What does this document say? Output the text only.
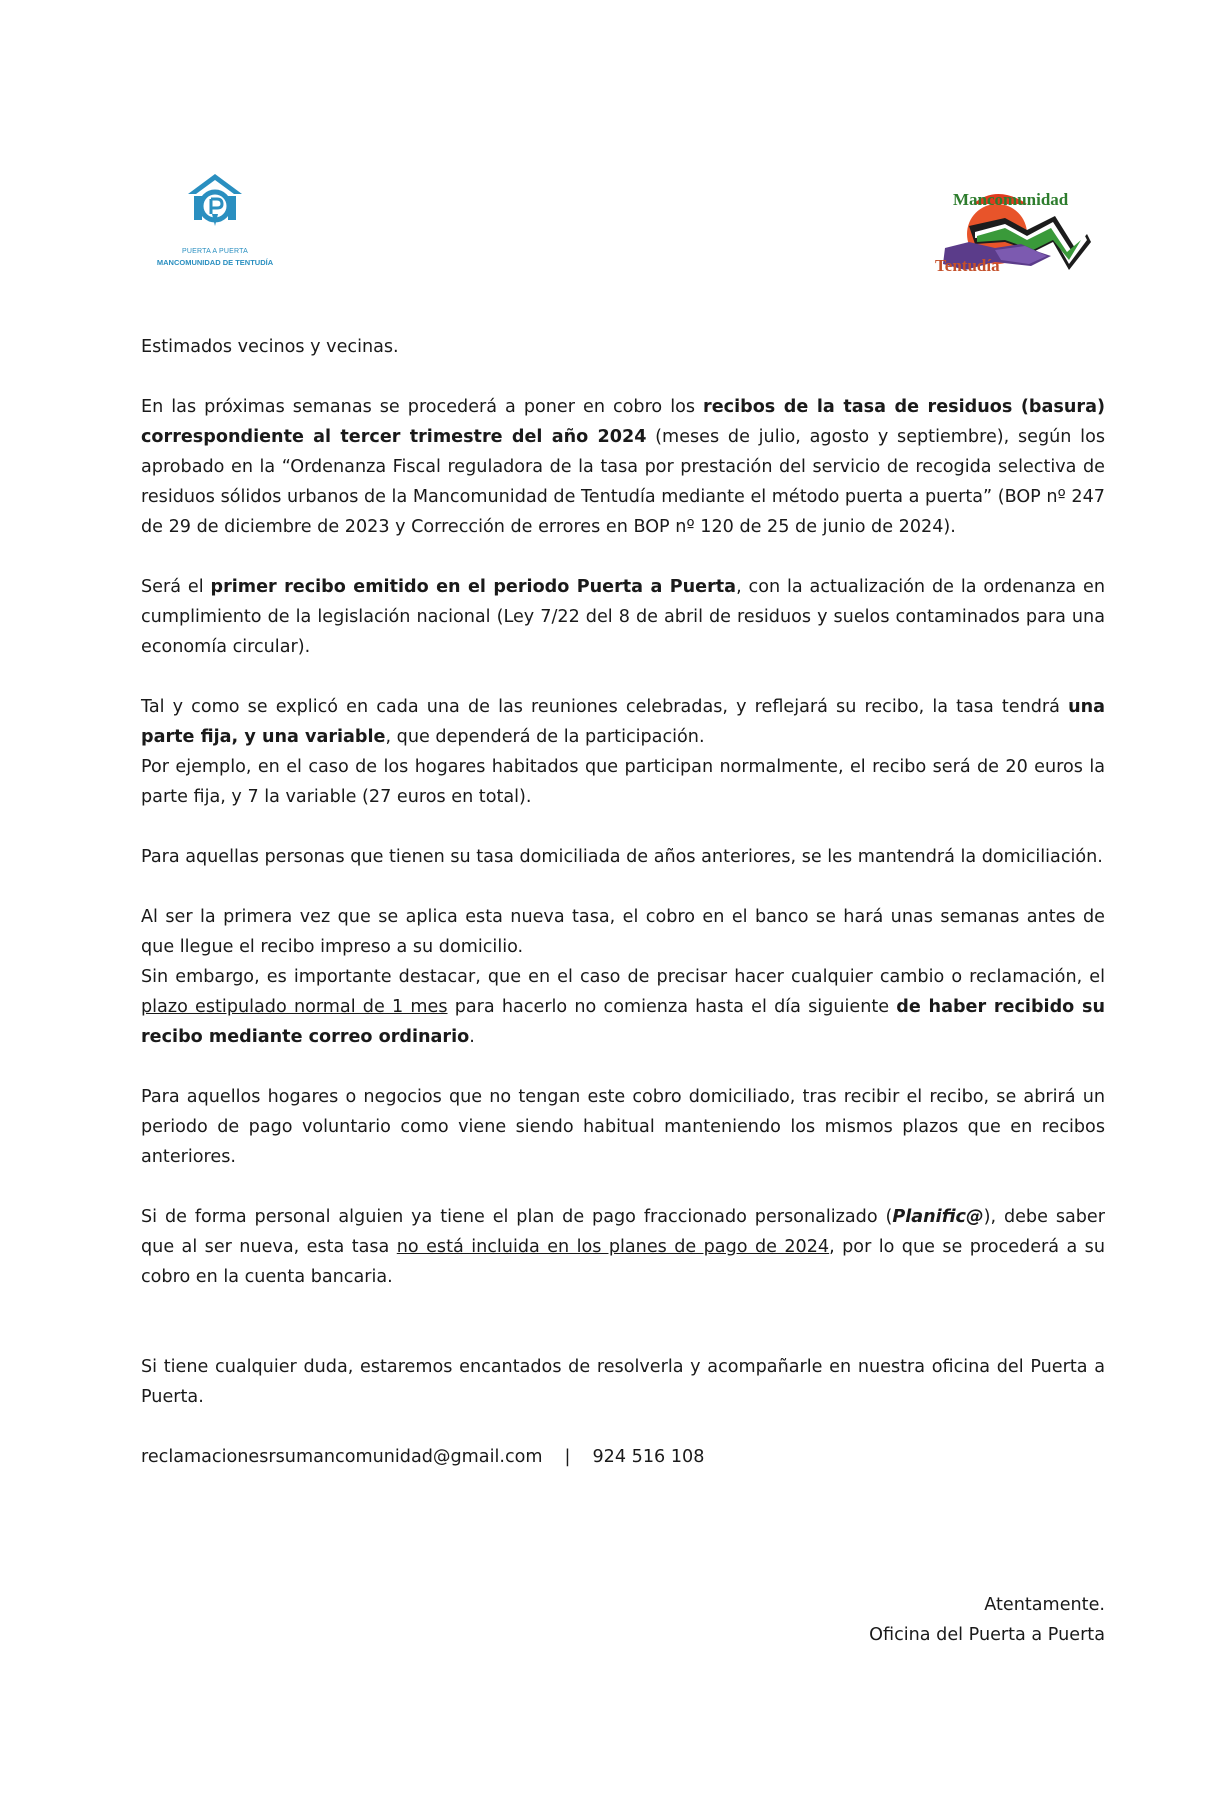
PUERTA A PUERTA
MANCOMUNIDAD DE TENTUDÍA
Mancomunidad
Tentudía

Estimados vecinos y vecinas.

En las próximas semanas se procederá a poner en cobro los recibos de la tasa de residuos (basura) correspondiente al tercer trimestre del año 2024 (meses de julio, agosto y septiembre), según los aprobado en la “Ordenanza Fiscal reguladora de la tasa por prestación del servicio de recogida selectiva de residuos sólidos urbanos de la Mancomunidad de Tentudía mediante el método puerta a puerta” (BOP nº 247 de 29 de diciembre de 2023 y Corrección de errores en BOP nº 120 de 25 de junio de 2024).

Será el primer recibo emitido en el periodo Puerta a Puerta, con la actualización de la ordenanza en cumplimiento de la legislación nacional (Ley 7/22 del 8 de abril de residuos y suelos contaminados para una economía circular).

Tal y como se explicó en cada una de las reuniones celebradas, y reflejará su recibo, la tasa tendrá una parte fija, y una variable, que dependerá de la participación.

Por ejemplo, en el caso de los hogares habitados que participan normalmente, el recibo será de 20 euros la parte fija, y 7 la variable (27 euros en total).

Para aquellas personas que tienen su tasa domiciliada de años anteriores, se les mantendrá la domiciliación.

Al ser la primera vez que se aplica esta nueva tasa, el cobro en el banco se hará unas semanas antes de que llegue el recibo impreso a su domicilio.

Sin embargo, es importante destacar, que en el caso de precisar hacer cualquier cambio o reclamación, el plazo estipulado normal de 1 mes para hacerlo no comienza hasta el día siguiente de haber recibido su recibo mediante correo ordinario.

Para aquellos hogares o negocios que no tengan este cobro domiciliado, tras recibir el recibo, se abrirá un periodo de pago voluntario como viene siendo habitual manteniendo los mismos plazos que en recibos anteriores.

Si de forma personal alguien ya tiene el plan de pago fraccionado personalizado (Planific@), debe saber que al ser nueva, esta tasa no está incluida en los planes de pago de 2024, por lo que se procederá a su cobro en la cuenta bancaria.

Si tiene cualquier duda, estaremos encantados de resolverla y acompañarle en nuestra oficina del Puerta a Puerta.

reclamacionesrsumancomunidad@gmail.com | 924 516 108

Atentamente.

Oficina del Puerta a Puerta
